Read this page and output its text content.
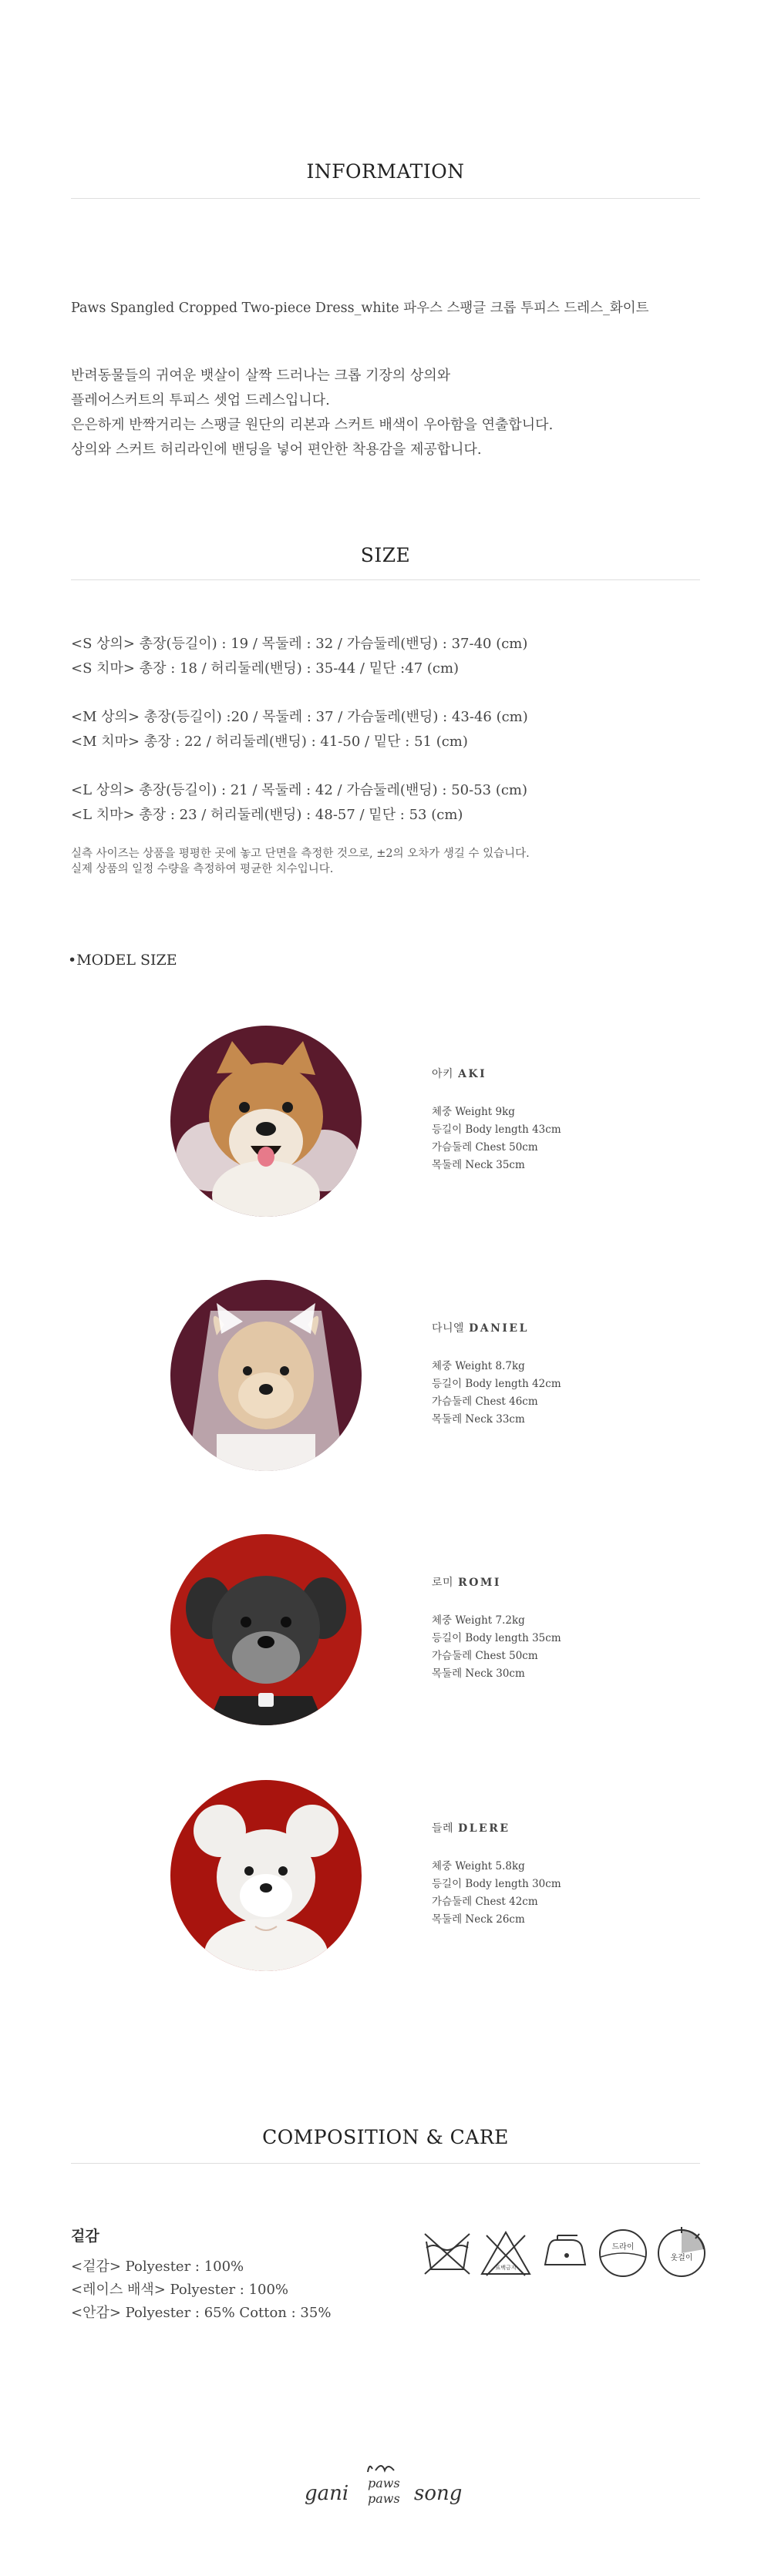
INFORMATION
Paws Spangled Cropped Two-piece Dress_white 파우스 스팽글 크롭 투피스 드레스_화이트
반려동물들의 귀여운 뱃살이 살짝 드러나는 크롭 기장의 상의와
플레어스커트의 투피스 셋업 드레스입니다.
은은하게 반짝거리는 스팽글 원단의 리본과 스커트 배색이 우아함을 연출합니다.
상의와 스커트 허리라인에 밴딩을 넣어 편안한 착용감을 제공합니다.
SIZE
<S 상의> 총장(등길이) : 19 / 목둘레 : 32 / 가슴둘레(밴딩) : 37-40 (cm)
<S 치마> 총장 : 18 / 허리둘레(밴딩) : 35-44 / 밑단 :47 (cm)
<M 상의> 총장(등길이) :20 / 목둘레 : 37 / 가슴둘레(밴딩) : 43-46 (cm)
<M 치마> 총장 : 22 / 허리둘레(밴딩) : 41-50 / 밑단 : 51 (cm)
<L 상의> 총장(등길이) : 21 / 목둘레 : 42 / 가슴둘레(밴딩) : 50-53 (cm)
<L 치마> 총장 : 23 / 허리둘레(밴딩) : 48-57 / 밑단 : 53 (cm)
실측 사이즈는 상품을 평평한 곳에 놓고 단면을 측정한 것으로, ±2의 오차가 생길 수 있습니다.
실제 상품의 일정 수량을 측정하여 평균한 치수입니다.
•MODEL SIZE
아키 AKI
체중 Weight 9kg
등길이 Body length 43cm
가슴둘레 Chest 50cm
목둘레 Neck 35cm
다니엘 DANIEL
체중 Weight 8.7kg
등길이 Body length 42cm
가슴둘레 Chest 46cm
목둘레 Neck 33cm
로미 ROMI
체중 Weight 7.2kg
등길이 Body length 35cm
가슴둘레 Chest 50cm
목둘레 Neck 30cm
들레 DLERE
체중 Weight 5.8kg
등길이 Body length 30cm
가슴둘레 Chest 42cm
목둘레 Neck 26cm
COMPOSITION & CARE
겉감
<겉감> Polyester : 100%
<레이스 배색> Polyester : 100%
<안감> Polyester : 65% Cotton : 35%
표백금지
드라이
옷걸이
gani paws
paws song
